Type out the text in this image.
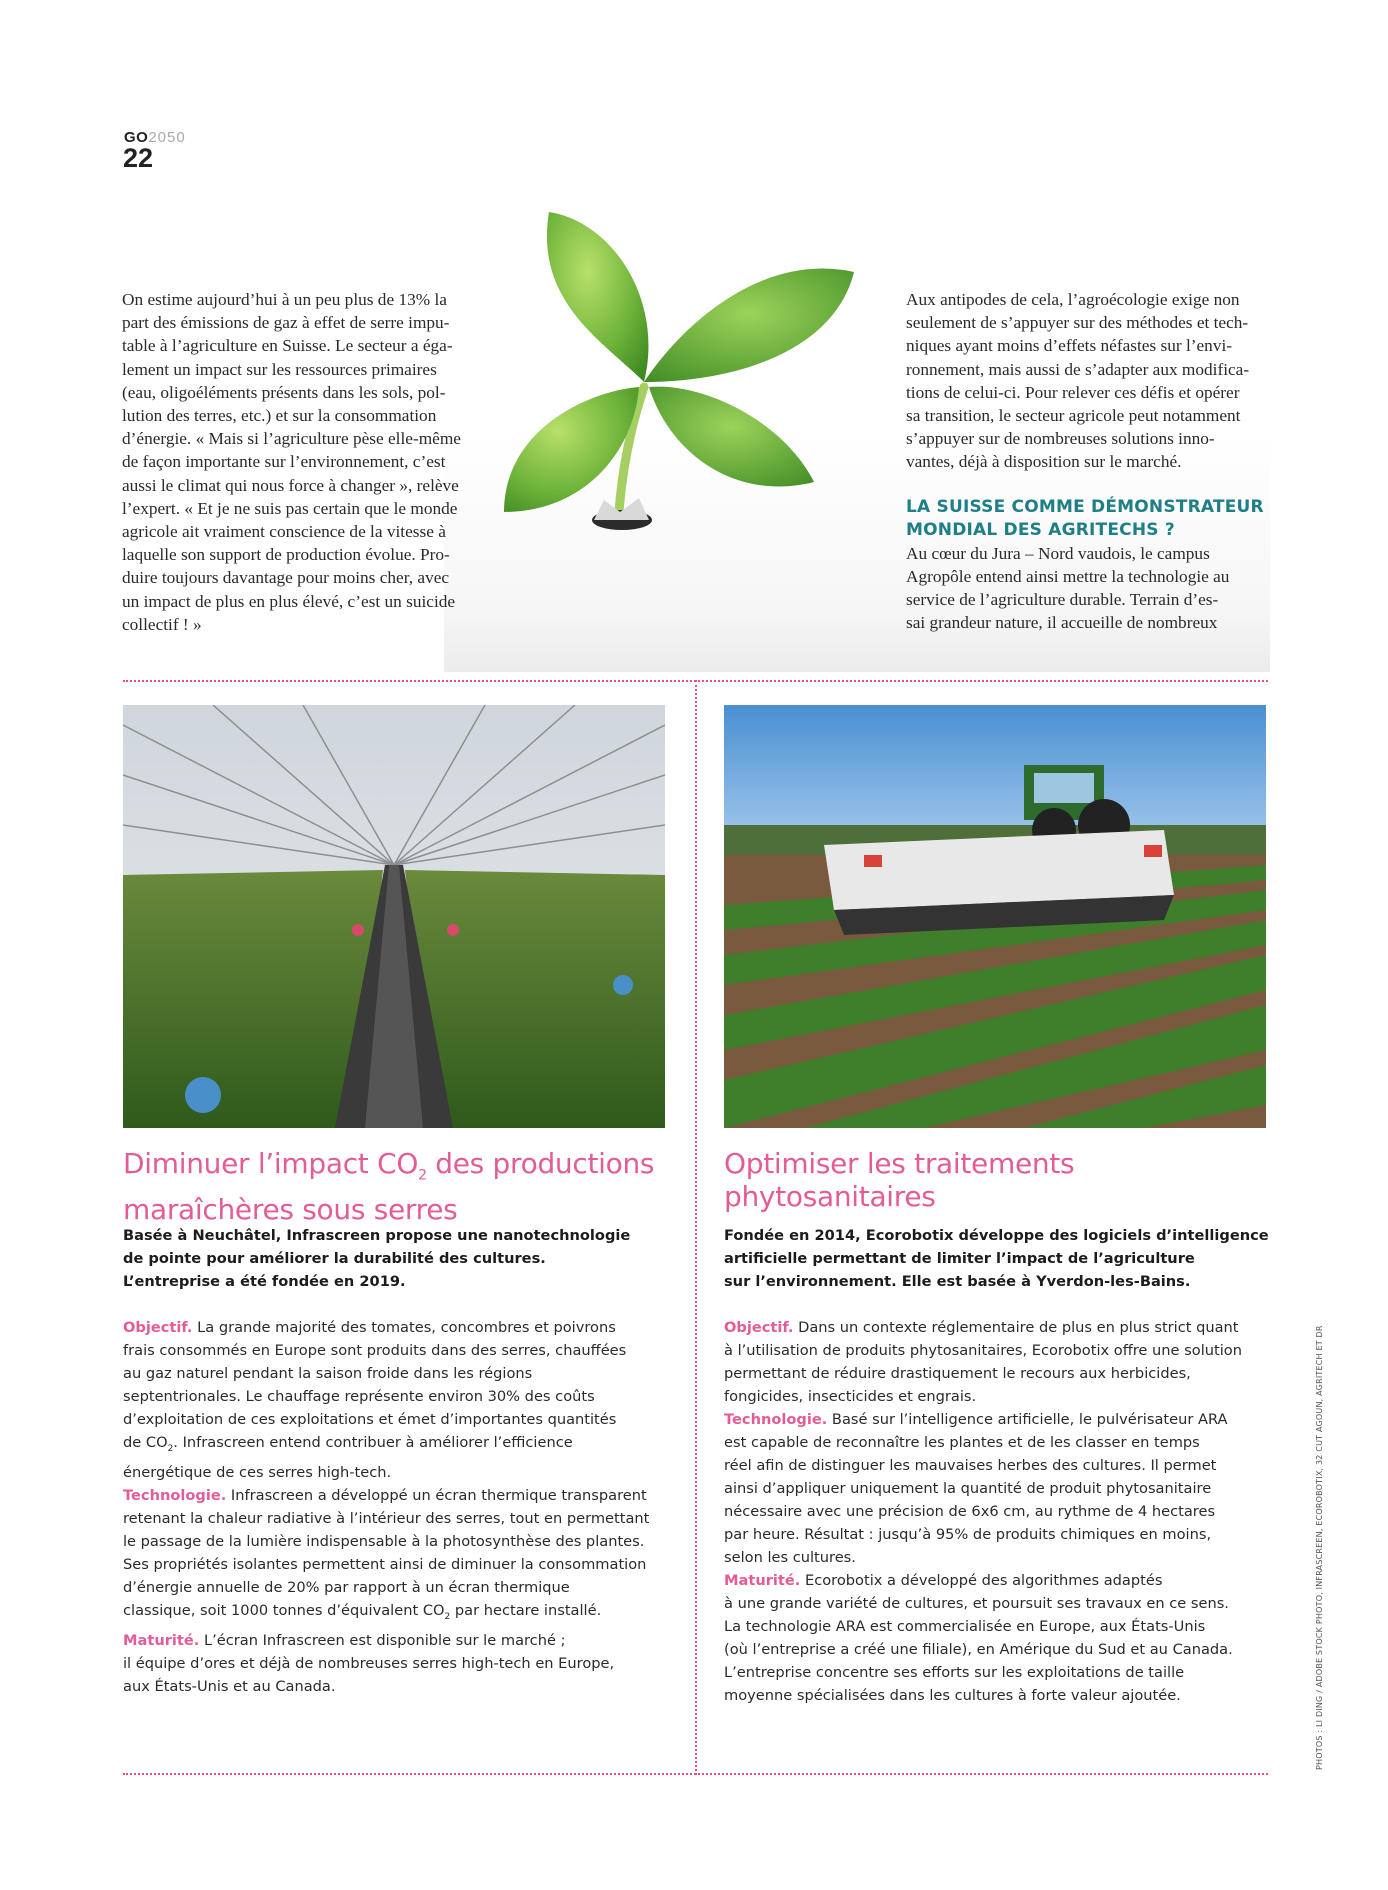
GO2050
22
On estime aujourd’hui à un peu plus de 13% la
part des émissions de gaz à effet de serre impu-
table à l’agriculture en Suisse. Le secteur a éga-
lement un impact sur les ressources primaires
(eau, oligoéléments présents dans les sols, pol-
lution des terres, etc.) et sur la consommation
d’énergie. « Mais si l’agriculture pèse elle-même
de façon importante sur l’environnement, c’est
aussi le climat qui nous force à changer », relève
l’expert. « Et je ne suis pas certain que le monde
agricole ait vraiment conscience de la vitesse à
laquelle son support de production évolue. Pro-
duire toujours davantage pour moins cher, avec
un impact de plus en plus élevé, c’est un suicide
collectif ! »
Aux antipodes de cela, l’agroécologie exige non
seulement de s’appuyer sur des méthodes et tech-
niques ayant moins d’effets néfastes sur l’envi-
ronnement, mais aussi de s’adapter aux modifica-
tions de celui-ci. Pour relever ces défis et opérer
sa transition, le secteur agricole peut notamment
s’appuyer sur de nombreuses solutions inno-
vantes, déjà à disposition sur le marché.
LA SUISSE COMME DÉMONSTRATEUR
MONDIAL DES AGRITECHS ?
Au cœur du Jura – Nord vaudois, le campus
Agropôle entend ainsi mettre la technologie au
service de l’agriculture durable. Terrain d’es-
sai grandeur nature, il accueille de nombreux
Diminuer l’impact $CO_2$ des productions
maraîchères sous serres
Basée à Neuchâtel, Infrascreen propose une nanotechnologie
de pointe pour améliorer la durabilité des cultures.
L’entreprise a été fondée en 2019.
Objectif. La grande majorité des tomates, concombres et poivrons
frais consommés en Europe sont produits dans des serres, chauffées
au gaz naturel pendant la saison froide dans les régions
septentrionales. Le chauffage représente environ 30% des coûts
d’exploitation de ces exploitations et émet d’importantes quantités
de $CO_2$. Infrascreen entend contribuer à améliorer l’efficience
énergétique de ces serres high-tech.
Technologie. Infrascreen a développé un écran thermique transparent
retenant la chaleur radiative à l’intérieur des serres, tout en permettant
le passage de la lumière indispensable à la photosynthèse des plantes.
Ses propriétés isolantes permettent ainsi de diminuer la consommation
d’énergie annuelle de 20% par rapport à un écran thermique
classique, soit 1000 tonnes d’équivalent $CO_2$ par hectare installé.
Maturité. L’écran Infrascreen est disponible sur le marché ;
il équipe d’ores et déjà de nombreuses serres high-tech en Europe,
aux États-Unis et au Canada.
Optimiser les traitements
phytosanitaires
Fondée en 2014, Ecorobotix développe des logiciels d’intelligence
artificielle permettant de limiter l’impact de l’agriculture
sur l’environnement. Elle est basée à Yverdon-les-Bains.
Objectif. Dans un contexte réglementaire de plus en plus strict quant
à l’utilisation de produits phytosanitaires, Ecorobotix offre une solution
permettant de réduire drastiquement le recours aux herbicides,
fongicides, insecticides et engrais.
Technologie. Basé sur l’intelligence artificielle, le pulvérisateur ARA
est capable de reconnaître les plantes et de les classer en temps
réel afin de distinguer les mauvaises herbes des cultures. Il permet
ainsi d’appliquer uniquement la quantité de produit phytosanitaire
nécessaire avec une précision de 6x6 cm, au rythme de 4 hectares
par heure. Résultat : jusqu’à 95% de produits chimiques en moins,
selon les cultures.
Maturité. Ecorobotix a développé des algorithmes adaptés
à une grande variété de cultures, et poursuit ses travaux en ce sens.
La technologie ARA est commercialisée en Europe, aux États-Unis
(où l’entreprise a créé une filiale), en Amérique du Sud et au Canada.
L’entreprise concentre ses efforts sur les exploitations de taille
moyenne spécialisées dans les cultures à forte valeur ajoutée.	PHOTOS : LI DING / ADOBE STOCK PHOTO, INFRASCREEN, ECOROBOTIX, 32 CUT AGOUN, AGRITECH ET DR
